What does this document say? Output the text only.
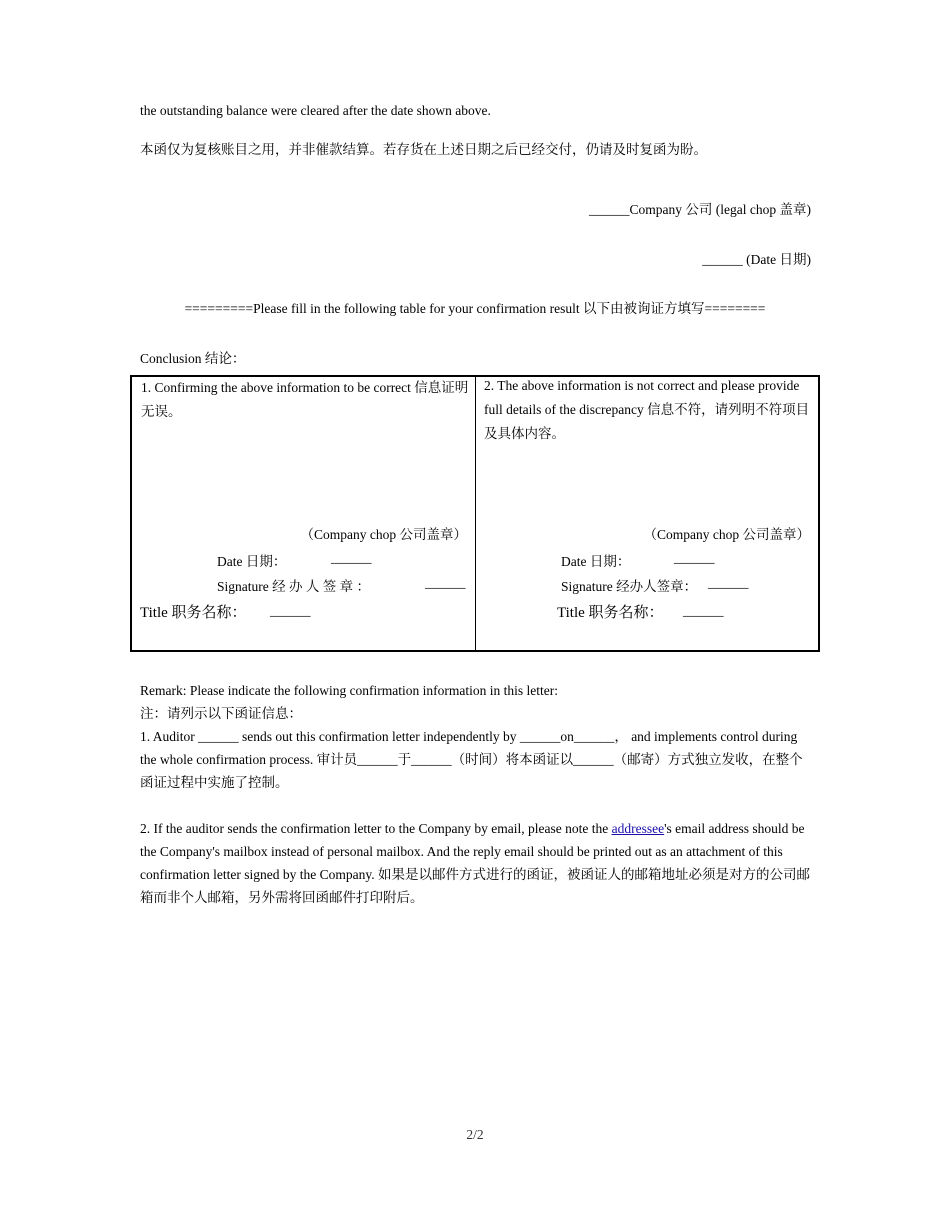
the outstanding balance were cleared after the date shown above.
本函仅为复核账目之用，并非催款结算。若存货在上述日期之后已经交付，仍请及时复函为盼。
______Company 公司 (legal chop 盖章)
______ (Date 日期)
=========Please fill in the following table for your confirmation result 以下由被询证方填写========
Conclusion 结论：
1. Confirming the above information to be correct 信息证明无误。
（Company chop 公司盖章）
Date 日期：	______
Signature 经 办 人 签 章 ：	______
Title 职务名称： ______

2. The above information is not correct and please provide full details of the discrepancy 信息不符，请列明不符项目及具体内容。
（Company chop 公司盖章）
Date 日期：	______
Signature 经办人签章： ______
Title 职务名称： ______

Remark: Please indicate the following confirmation information in this letter:

注：请列示以下函证信息：

1. Auditor ______ sends out this confirmation letter independently by ______on______， and implements control during the whole confirmation process. 审计员______于______（时间）将本函证以______（邮寄）方式独立发收，在整个函证过程中实施了控制。

2. If the auditor sends the confirmation letter to the Company by email, please note the addressee's email address should be the Company's mailbox instead of personal mailbox. And the reply email should be printed out as an attachment of this confirmation letter signed by the Company. 如果是以邮件方式进行的函证，被函证人的邮箱地址必须是对方的公司邮箱而非个人邮箱，另外需将回函邮件打印附后。

2/2
